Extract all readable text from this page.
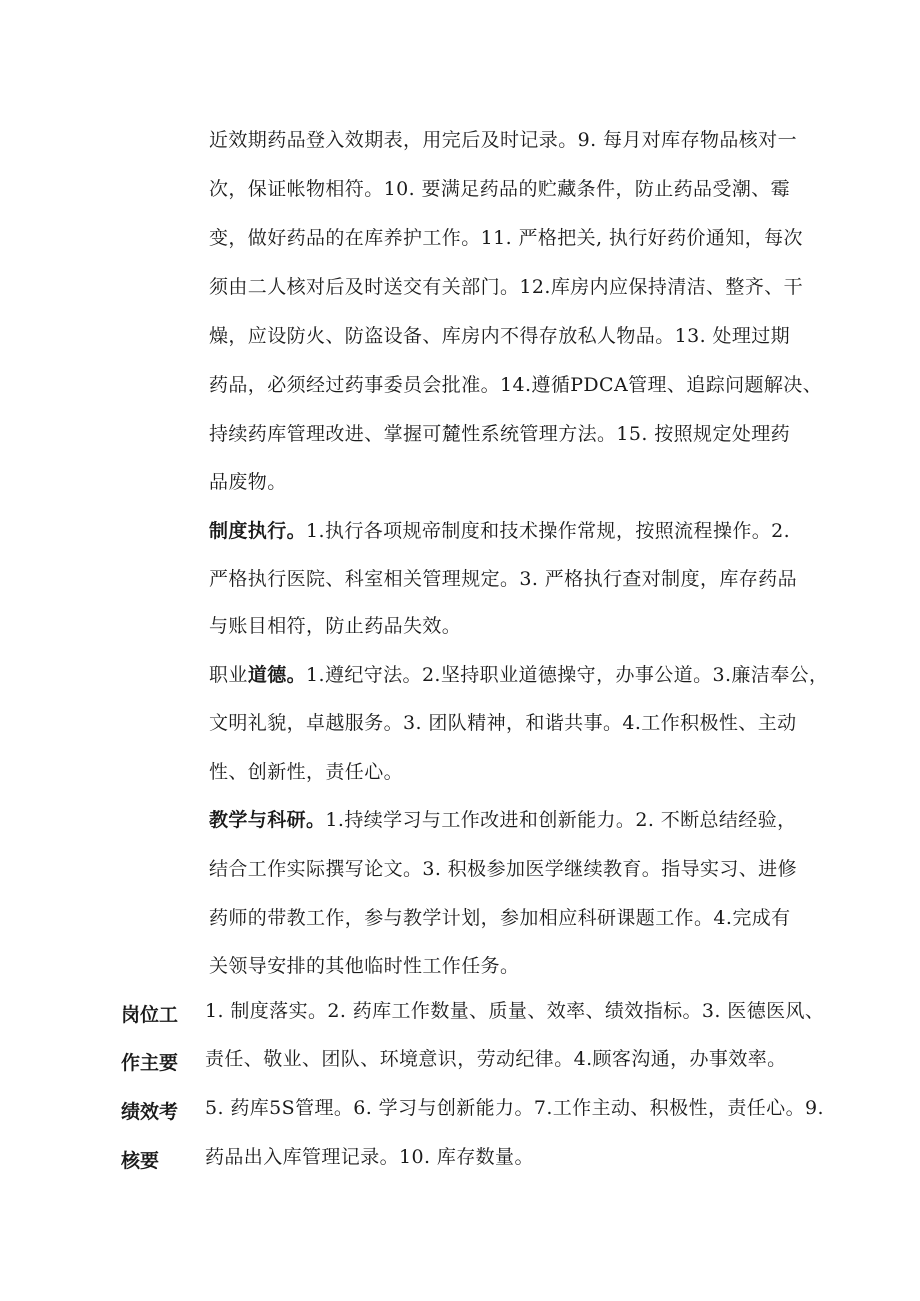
近效期药品登入效期表，用完后及时记录。9. 每月对库存物品核对一
次，保证帐物相符。10. 要满足药品的贮藏条件，防止药品受潮、霉
变，做好药品的在库养护工作。11. 严格把关, 执行好药价通知，每次
须由二人核对后及时送交有关部门。12.库房内应保持清洁、整齐、干
燥，应设防火、防盗设备、库房内不得存放私人物品。13. 处理过期
药品，必须经过药事委员会批准。14.遵循PDCA管理、追踪问题解决、
持续药库管理改进、掌握可麓性系统管理方法。15. 按照规定处理药
品废物。
制度执行。1.执行各项规帝制度和技术操作常规，按照流程操作。2.
严格执行医院、科室相关管理规定。3. 严格执行查对制度，库存药品
与账目相符，防止药品失效。
职业道德。1.遵纪守法。2.坚持职业道德操守，办事公道。3.廉洁奉公，
文明礼貌，卓越服务。3. 团队精神，和谐共事。4.工作积极性、主动
性、创新性，责任心。
教学与科研。1.持续学习与工作改进和创新能力。2. 不断总结经验，
结合工作实际撰写论文。3. 积极参加医学继续教育。指导实习、进修
药师的带教工作，参与教学计划，参加相应科研课题工作。4.完成有
关领导安排的其他临时性工作任务。
岗位工
作主要
绩效考
核要
1. 制度落实。2. 药库工作数量、质量、效率、绩效指标。3. 医德医风、
责任、敬业、团队、环境意识，劳动纪律。4.顾客沟通，办事效率。
5. 药库5S管理。6. 学习与创新能力。7.工作主动、积极性，责任心。9.
药品出入库管理记录。10. 库存数量。
